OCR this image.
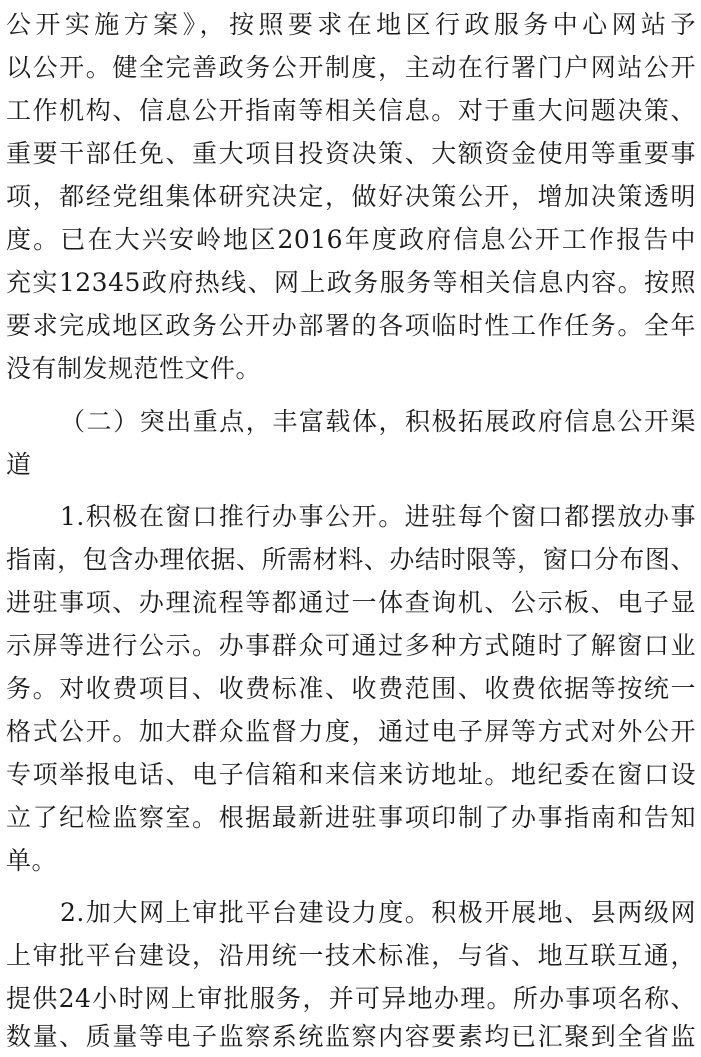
公开实施方案》，按照要求在地区行政服务中心网站予
以公开。健全完善政务公开制度，主动在行署门户网站公开
工作机构、信息公开指南等相关信息。对于重大问题决策、
重要干部任免、重大项目投资决策、大额资金使用等重要事
项，都经党组集体研究决定，做好决策公开，增加决策透明
度。已在大兴安岭地区2016年度政府信息公开工作报告中
充实12345政府热线、网上政务服务等相关信息内容。按照
要求完成地区政务公开办部署的各项临时性工作任务。全年
没有制发规范性文件。
（二）突出重点，丰富载体，积极拓展政府信息公开渠
道
1.积极在窗口推行办事公开。进驻每个窗口都摆放办事
指南，包含办理依据、所需材料、办结时限等，窗口分布图、
进驻事项、办理流程等都通过一体查询机、公示板、电子显
示屏等进行公示。办事群众可通过多种方式随时了解窗口业
务。对收费项目、收费标准、收费范围、收费依据等按统一
格式公开。加大群众监督力度，通过电子屏等方式对外公开
专项举报电话、电子信箱和来信来访地址。地纪委在窗口设
立了纪检监察室。根据最新进驻事项印制了办事指南和告知
单。
2.加大网上审批平台建设力度。积极开展地、县两级网
上审批平台建设，沿用统一技术标准，与省、地互联互通，
提供24小时网上审批服务，并可异地办理。所办事项名称、
数量、质量等电子监察系统监察内容要素均已汇聚到全省监
